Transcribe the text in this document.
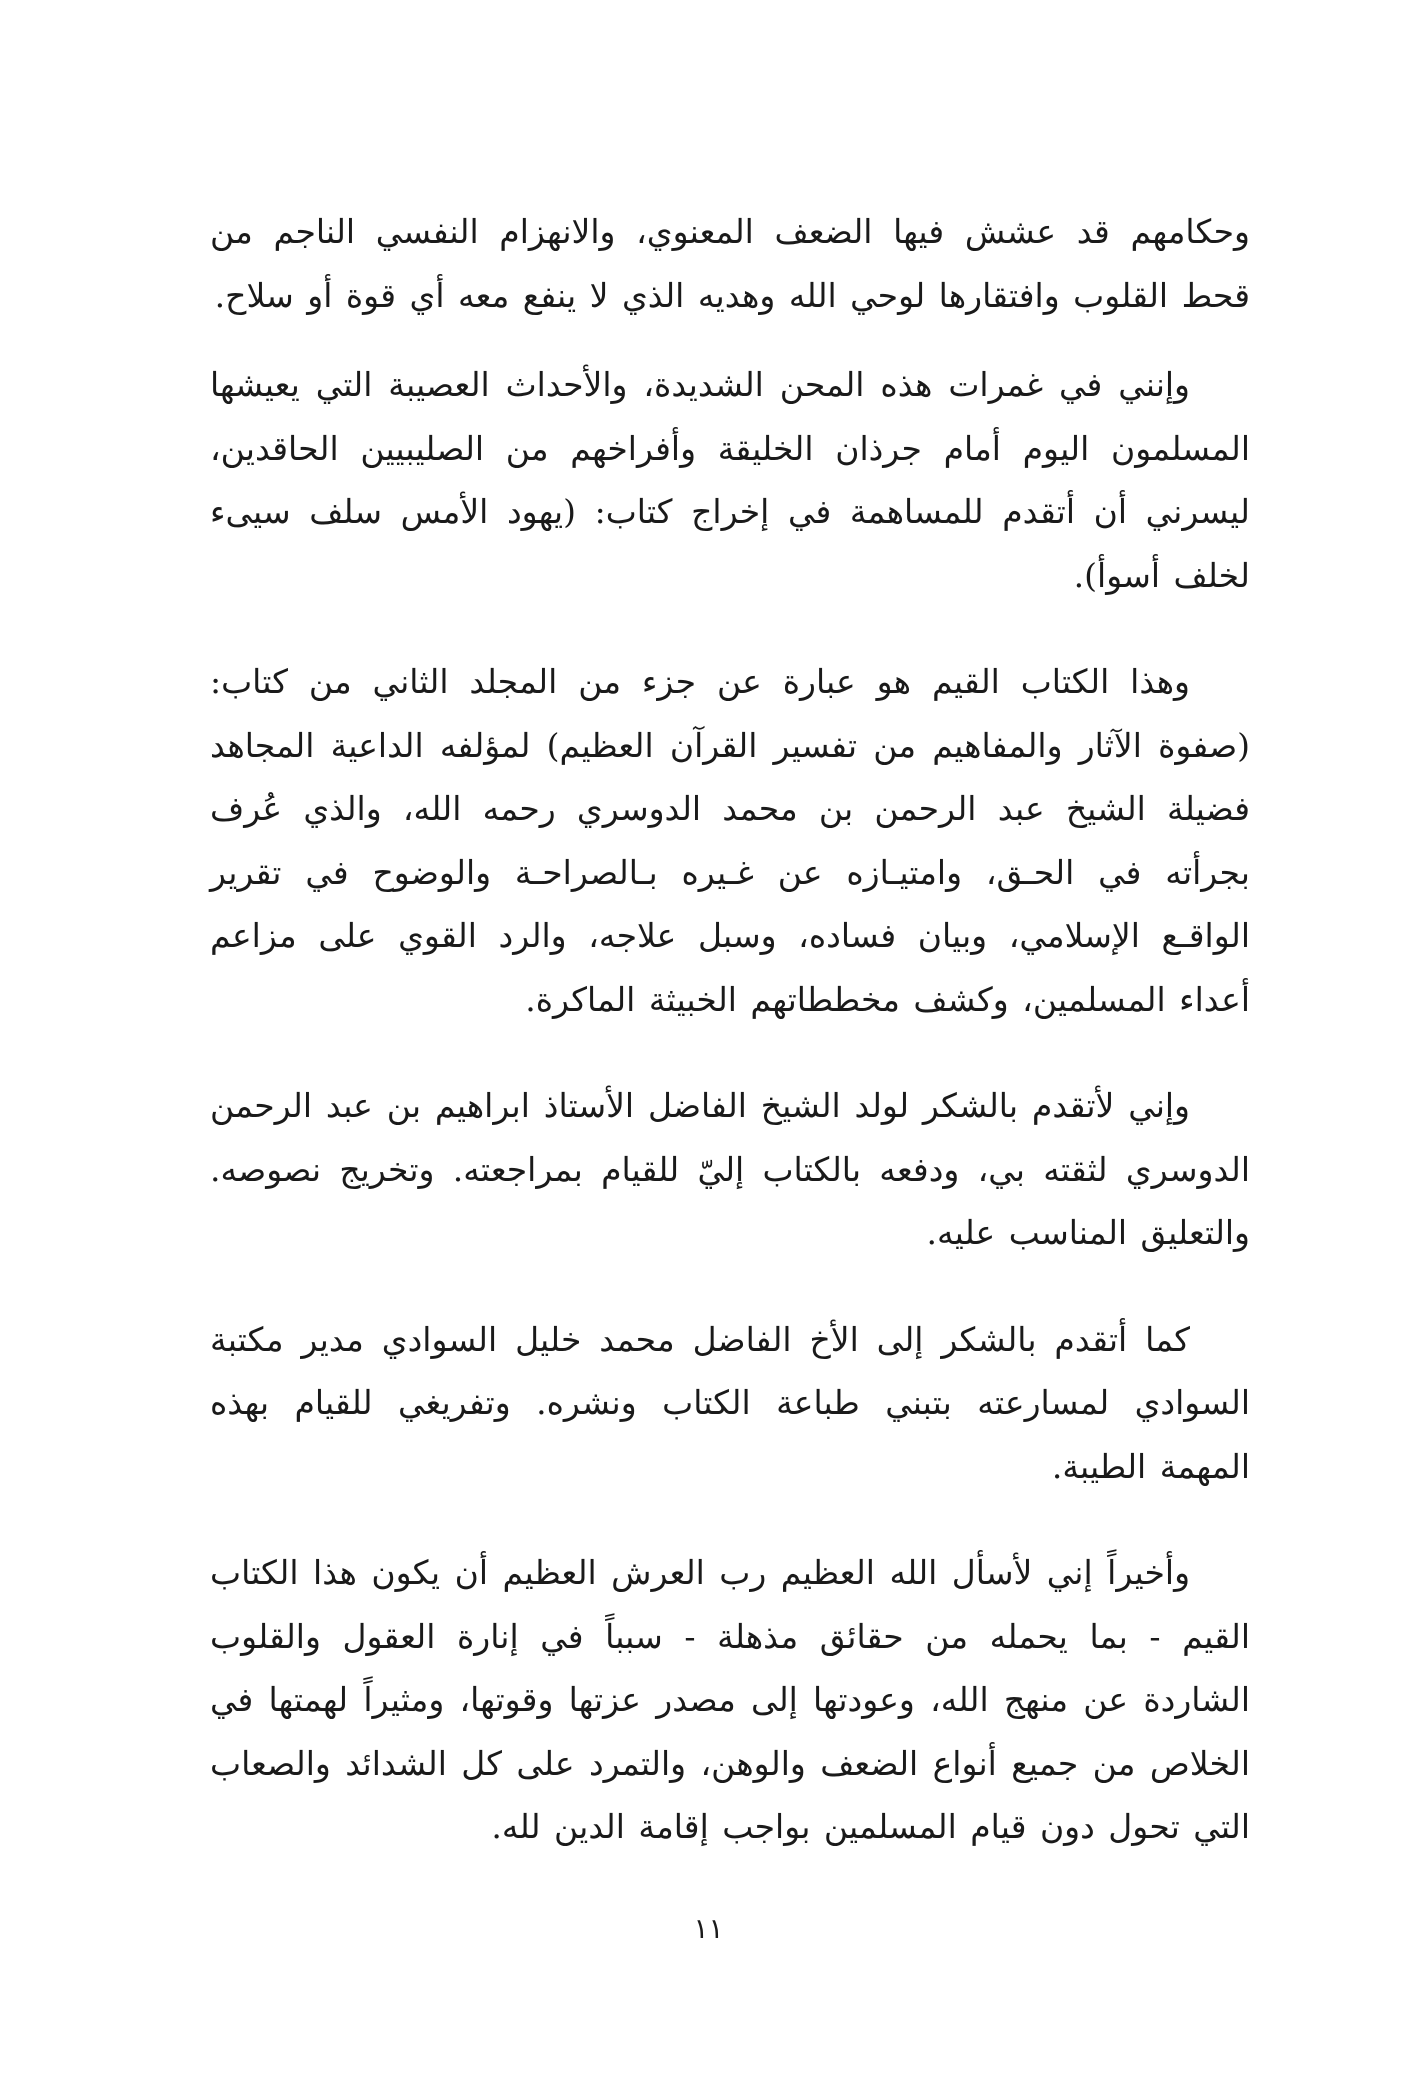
وحكامهم قد عشش فيها الضعف المعنوي، والانهزام النفسي الناجم من قحط القلوب وافتقارها لوحي الله وهديه الذي لا ينفع معه أي قوة أو سلاح.

وإنني في غمرات هذه المحن الشديدة، والأحداث العصيبة التي يعيشها المسلمون اليوم أمام جرذان الخليقة وأفراخهم من الصليبيين الحاقدين، ليسرني أن أتقدم للمساهمة في إخراج كتاب: (يهود الأمس سلف سيىء لخلف أسوأ).

وهذا الكتاب القيم هو عبارة عن جزء من المجلد الثاني من كتاب: (صفوة الآثار والمفاهيم من تفسير القرآن العظيم) لمؤلفه الداعية المجاهد فضيلة الشيخ عبد الرحمن بن محمد الدوسري رحمه الله، والذي عُرف بجرأته في الحـق، وامتيـازه عن غـيره بـالصراحـة والوضوح في تقرير الواقـع الإسلامي، وبيان فساده، وسبل علاجه، والرد القوي على مزاعم أعداء المسلمين، وكشف مخططاتهم الخبيثة الماكرة.

وإني لأتقدم بالشكر لولد الشيخ الفاضل الأستاذ ابراهيم بن عبد الرحمن الدوسري لثقته بي، ودفعه بالكتاب إليّ للقيام بمراجعته. وتخريج نصوصه. والتعليق المناسب عليه.

كما أتقدم بالشكر إلى الأخ الفاضل محمد خليل السوادي مدير مكتبة السوادي لمسارعته بتبني طباعة الكتاب ونشره. وتفريغي للقيام بهذه المهمة الطيبة.

وأخيراً إني لأسأل الله العظيم رب العرش العظيم أن يكون هذا الكتاب القيم - بما يحمله من حقائق مذهلة - سبباً في إنارة العقول والقلوب الشاردة عن منهج الله، وعودتها إلى مصدر عزتها وقوتها، ومثيراً لهمتها في الخلاص من جميع أنواع الضعف والوهن، والتمرد على كل الشدائد والصعاب التي تحول دون قيام المسلمين بواجب إقامة الدين لله.

١١
